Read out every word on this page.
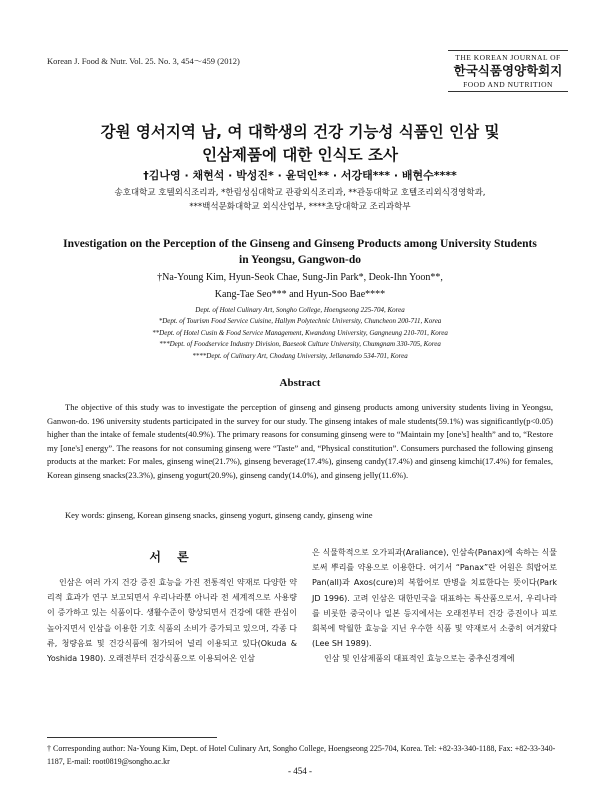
Korean J. Food & Nutr. Vol. 25. No. 3, 454～459 (2012)	THE KOREAN JOURNAL OF
한국식품영양학회지
FOOD AND NUTRITION
강원 영서지역 남, 여 대학생의 건강 기능성 식품인 인삼 및
인삼제품에 대한 인식도 조사
†김나영 · 채현석 · 박성진* · 윤덕인** · 서강태*** · 배현수****
송호대학교 호텔외식조리과, *한림성심대학교 관광외식조리과, **관동대학교 호텔조리외식경영학과,
***백석문화대학교 외식산업부, ****초당대학교 조리과학부
Investigation on the Perception of the Ginseng and Ginseng Products among University Students
in Yeongsu, Gangwon-do
†Na-Young Kim, Hyun-Seok Chae, Sung-Jin Park*, Deok-Ihn Yoon**,
Kang-Tae Seo*** and Hyun-Soo Bae****
Dept. of Hotel Culinary Art, Songho College, Hoengseong 225-704, Korea
*Dept. of Tourism Food Service Cuisine, Hallym Polytechnic University, Chuncheon 200-711, Korea
**Dept. of Hotel Cusin & Food Service Management, Kwandong University, Gangneung 210-701, Korea
***Dept. of Foodservice Industry Division, Baeseok Culture University, Chumgnam 330-705, Korea
****Dept. of Culinary Art, Chodang University, Jellanamdo 534-701, Korea
Abstract
The objective of this study was to investigate the perception of ginseng and ginseng products among university students living in Yeongsu, Ganwon-do. 196 university students participated in the survey for our study. The ginseng intakes of male students(59.1%) was significantly(p<0.05) higher than the intake of female students(40.9%). The primary reasons for consuming ginseng were to “Maintain my [one's] health” and to, “Restore my [one's] energy”. The reasons for not consuming ginseng were “Taste” and, “Physical constitution”. Consumers purchased the following ginseng products at the market: For males, ginseng wine(21.7%), ginseng beverage(17.4%), ginseng candy(17.4%) and ginseng kimchi(17.4%) for females, Korean ginseng snacks(23.3%), ginseng yogurt(20.9%), ginseng candy(14.0%), and ginseng jelly(11.6%).
Key words: ginseng, Korean ginseng snacks, ginseng yogurt, ginseng candy, ginseng wine
서 론
인삼은 여러 가지 건강 증진 효능을 가진 전통적인 약재로 다양한 약리적 효과가 연구 보고되면서 우리나라뿐 아니라 전 세계적으로 사용량이 증가하고 있는 식품이다. 생활수준이 향상되면서 건강에 대한 관심이 높아지면서 인삼을 이용한 기호 식품의 소비가 증가되고 있으며, 각종 다류, 청량음료 및 건강식품에 첨가되어 널리 이용되고 있다(Okuda & Yoshida 1980). 오래전부터 건강식품으로 이용되어온 인삼

은 식물학적으로 오가피과(Araliance), 인삼속(Panax)에 속하는 식물로써 뿌리를 약용으로 이용한다. 여기서 “Panax”란 어원은 희랍어로 Pan(all)과 Axos(cure)의 복합어로 만병을 치료한다는 뜻이다(Park JD 1996). 고려 인삼은 대한민국을 대표하는 특산품으로서, 우리나라를 비롯한 중국이나 일본 등지에서는 오래전부터 건강 증진이나 피로 회복에 탁월한 효능을 지닌 우수한 식품 및 약재로서 소중히 여겨왔다(Lee SH 1989).

인삼 및 인삼제품의 대표적인 효능으로는 중추신경계에

† Corresponding author: Na-Young Kim, Dept. of Hotel Culinary Art, Songho College, Hoengseong 225-704, Korea. Tel: +82-33-340-1188, Fax: +82-33-340-1187, E-mail: root0819@songho.ac.kr
- 454 -
